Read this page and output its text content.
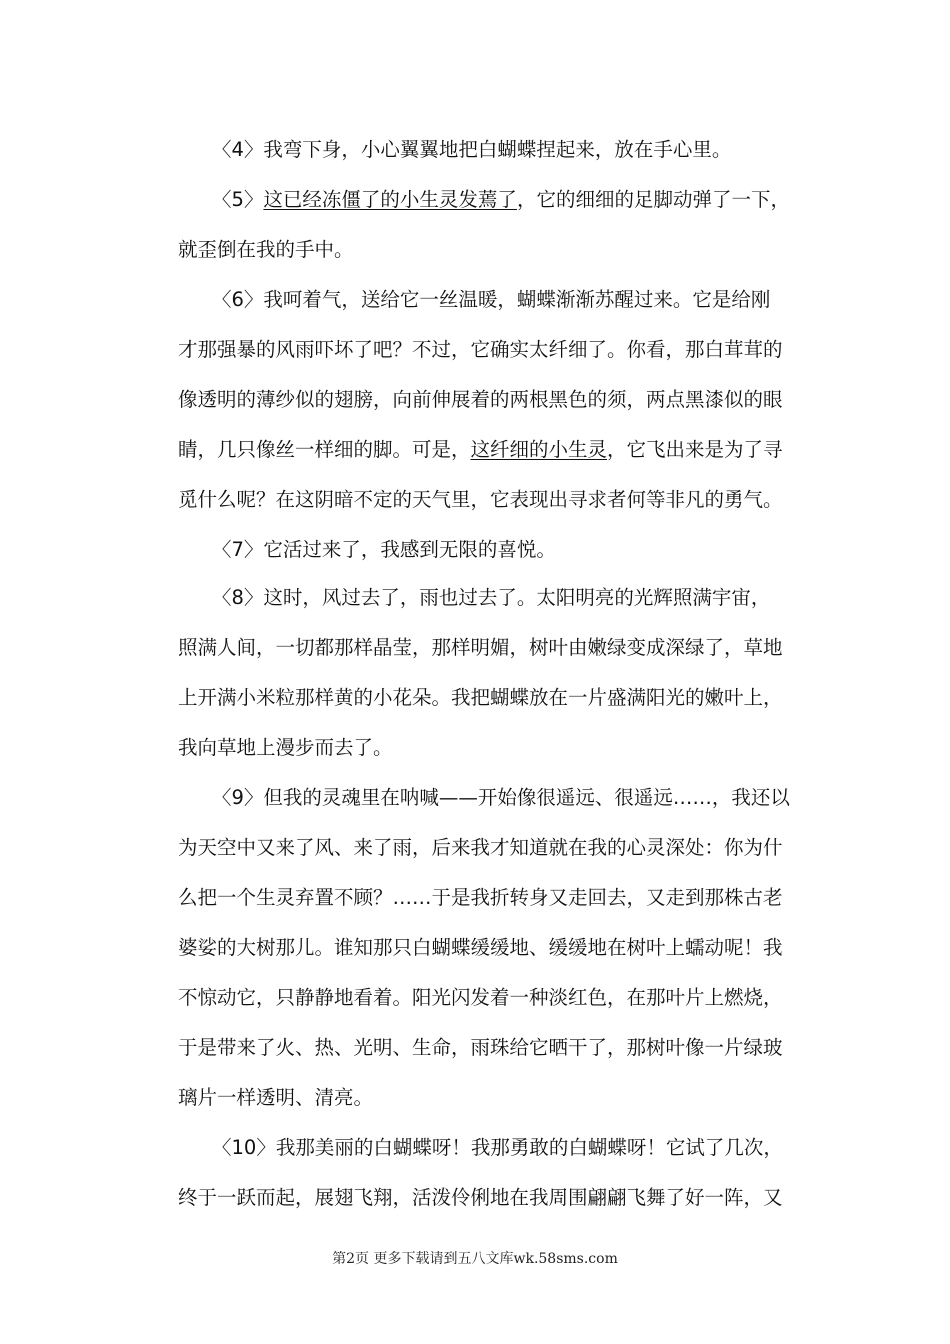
〈4〉我弯下身，小心翼翼地把白蝴蝶捏起来，放在手心里。
〈5〉这已经冻僵了的小生灵发蔫了，它的细细的足脚动弹了一下，
就歪倒在我的手中。
〈6〉我呵着气，送给它一丝温暖，蝴蝶渐渐苏醒过来。它是给刚
才那强暴的风雨吓坏了吧？不过，它确实太纤细了。你看，那白茸茸的
像透明的薄纱似的翅膀，向前伸展着的两根黑色的须，两点黑漆似的眼
睛，几只像丝一样细的脚。可是，这纤细的小生灵，它飞出来是为了寻
觅什么呢？在这阴暗不定的天气里，它表现出寻求者何等非凡的勇气。
〈7〉它活过来了，我感到无限的喜悦。
〈8〉这时，风过去了，雨也过去了。太阳明亮的光辉照满宇宙，
照满人间，一切都那样晶莹，那样明媚，树叶由嫩绿变成深绿了，草地
上开满小米粒那样黄的小花朵。我把蝴蝶放在一片盛满阳光的嫩叶上，
我向草地上漫步而去了。
〈9〉但我的灵魂里在呐喊——开始像很遥远、很遥远……，我还以
为天空中又来了风、来了雨，后来我才知道就在我的心灵深处：你为什
么把一个生灵弃置不顾？……于是我折转身又走回去，又走到那株古老
婆娑的大树那儿。谁知那只白蝴蝶缓缓地、缓缓地在树叶上蠕动呢！我
不惊动它，只静静地看着。阳光闪发着一种淡红色，在那叶片上燃烧，
于是带来了火、热、光明、生命，雨珠给它晒干了，那树叶像一片绿玻
璃片一样透明、清亮。
〈10〉我那美丽的白蝴蝶呀！我那勇敢的白蝴蝶呀！它试了几次，
终于一跃而起，展翅飞翔，活泼伶俐地在我周围翩翩飞舞了好一阵，又
第2页 更多下载请到五八文库wk.58sms.com
